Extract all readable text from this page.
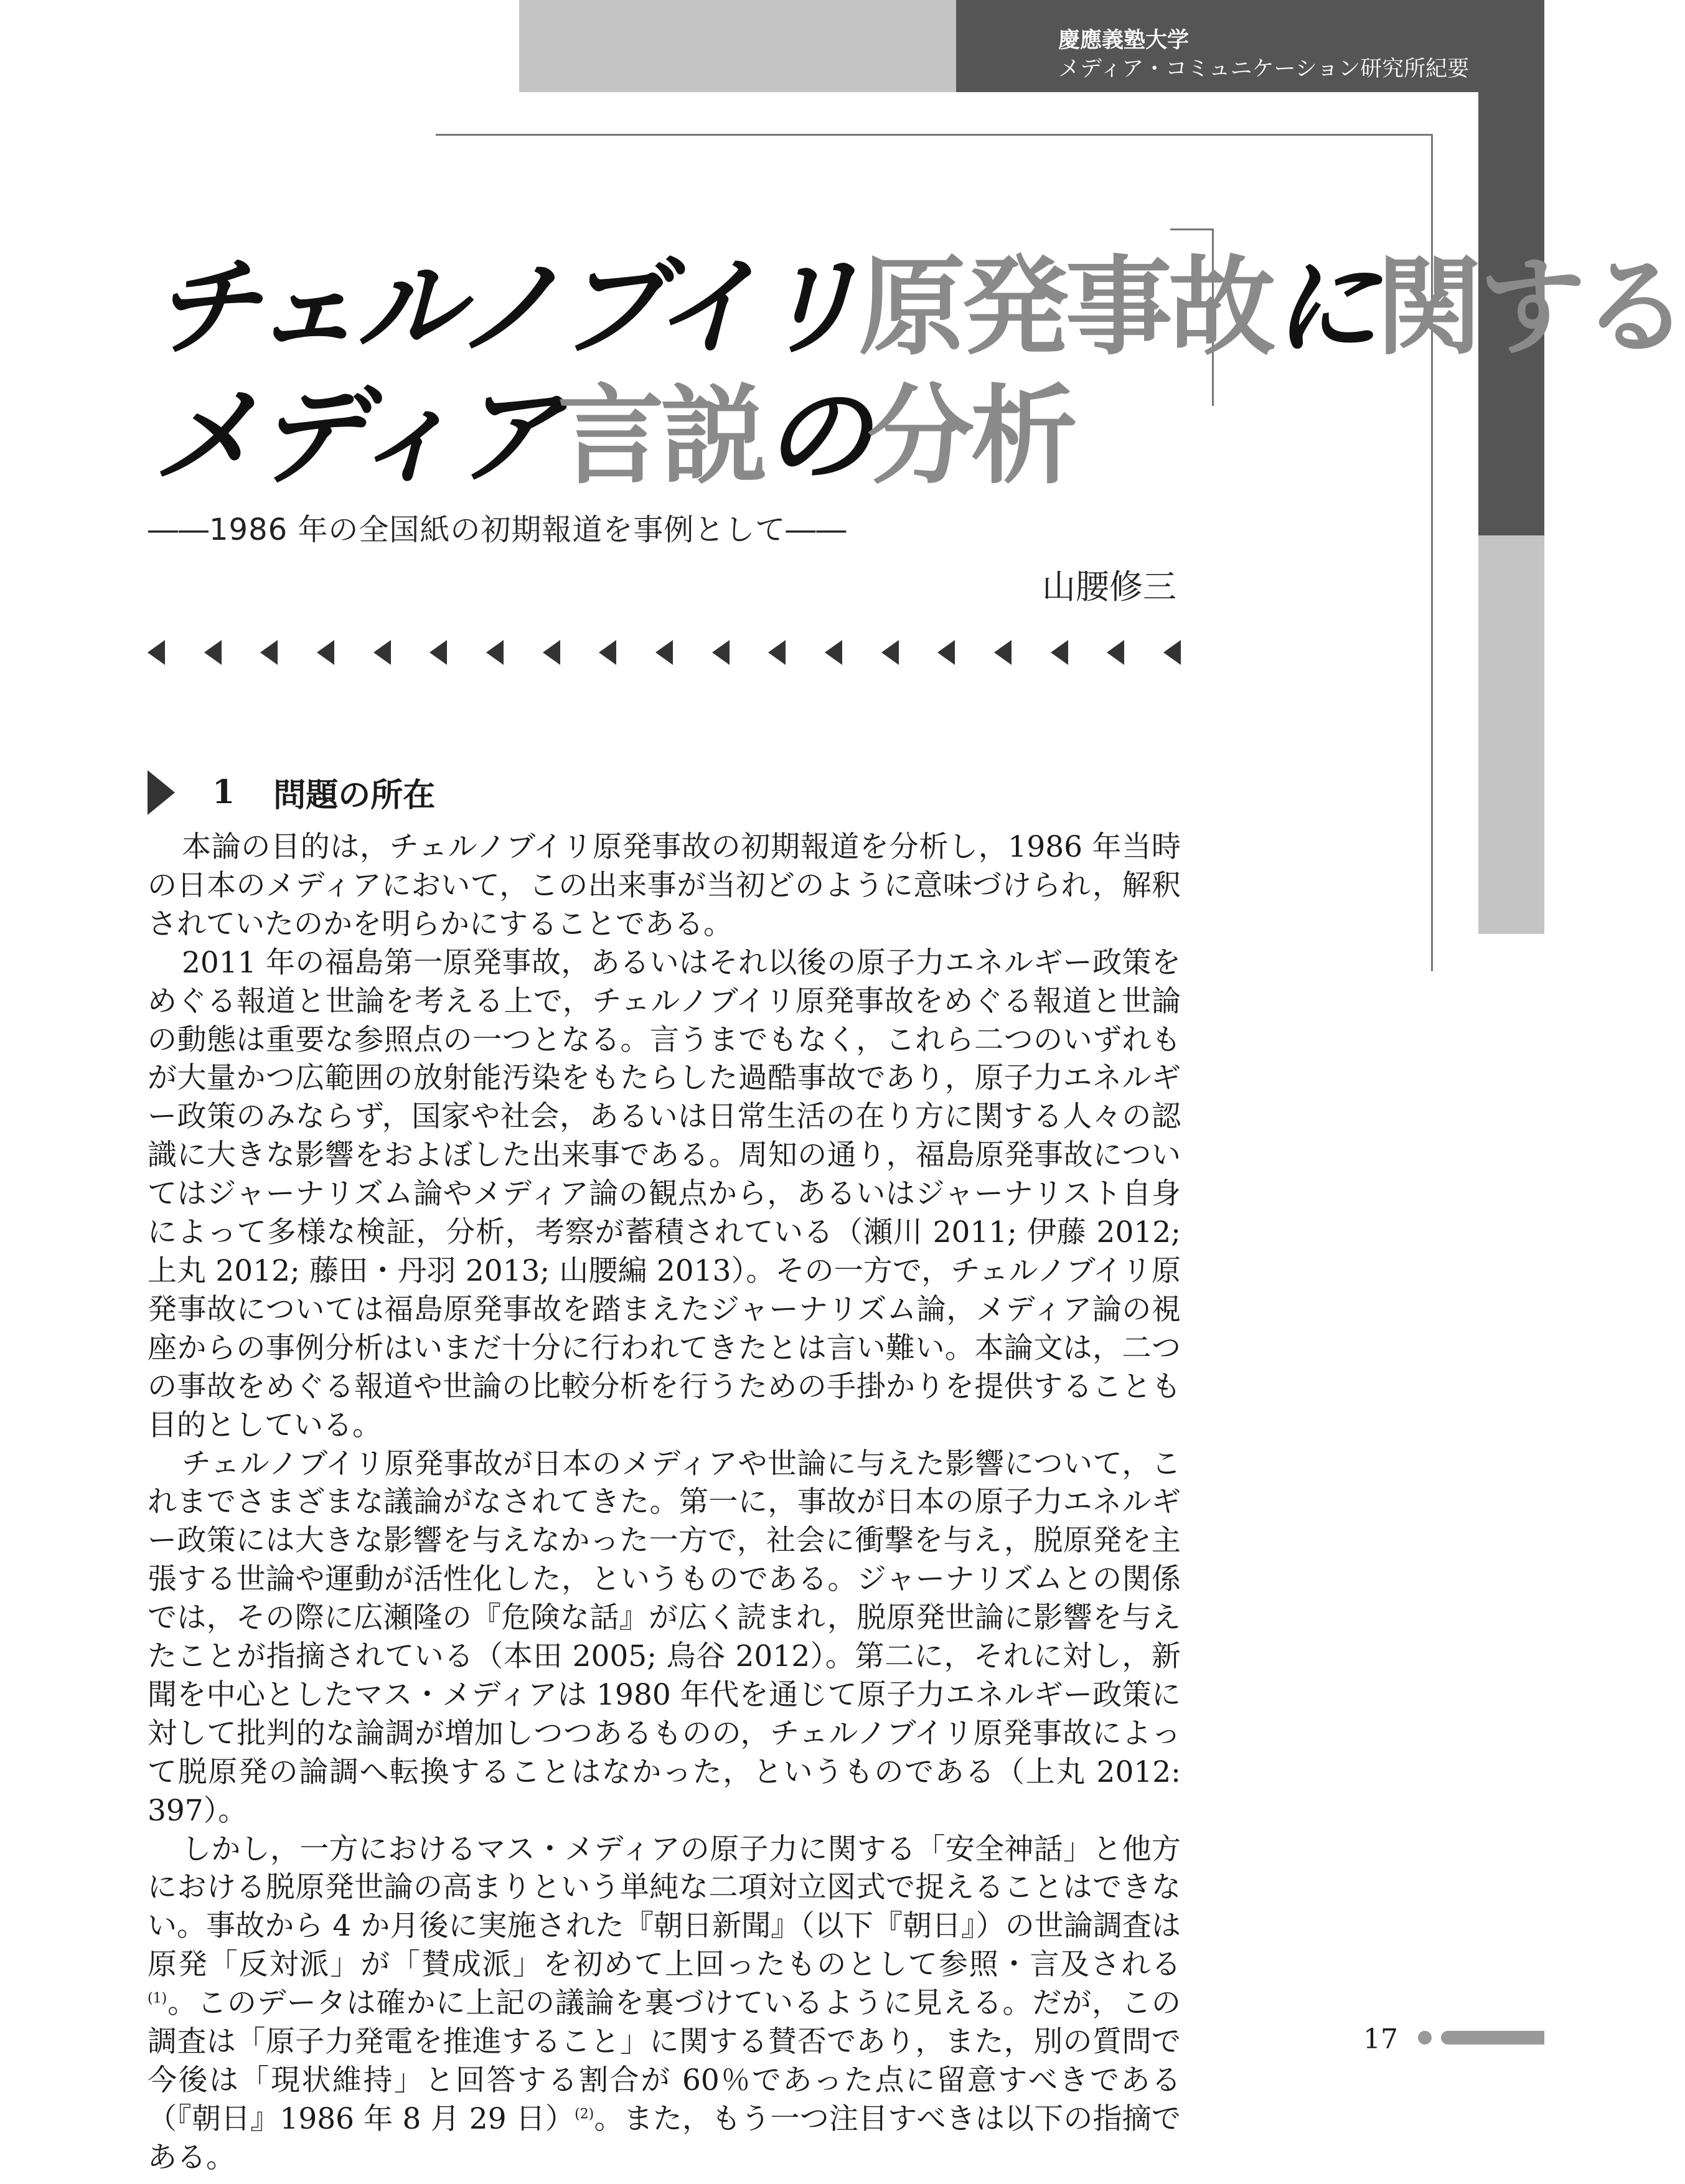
慶應義塾大学
メディア・コミュニケーション研究所紀要
チェルノブイリ原発事故に関する
メディア言説の分析
――1986 年の全国紙の初期報道を事例として――
山腰修三
1 問題の所在

本論の目的は，チェルノブイリ原発事故の初期報道を分析し，1986 年当時の日本のメディアにおいて，この出来事が当初どのように意味づけられ，解釈されていたのかを明らかにすることである。

2011 年の福島第一原発事故，あるいはそれ以後の原子力エネルギー政策をめぐる報道と世論を考える上で，チェルノブイリ原発事故をめぐる報道と世論の動態は重要な参照点の一つとなる。言うまでもなく，これら二つのいずれもが大量かつ広範囲の放射能汚染をもたらした過酷事故であり，原子力エネルギー政策のみならず，国家や社会，あるいは日常生活の在り方に関する人々の認識に大きな影響をおよぼした出来事である。周知の通り，福島原発事故についてはジャーナリズム論やメディア論の観点から，あるいはジャーナリスト自身によって多様な検証，分析，考察が蓄積されている（瀬川 2011; 伊藤 2012; 上丸 2012; 藤田・丹羽 2013; 山腰編 2013）。その一方で，チェルノブイリ原発事故については福島原発事故を踏まえたジャーナリズム論，メディア論の視座からの事例分析はいまだ十分に行われてきたとは言い難い。本論文は，二つの事故をめぐる報道や世論の比較分析を行うための手掛かりを提供することも目的としている。

チェルノブイリ原発事故が日本のメディアや世論に与えた影響について，これまでさまざまな議論がなされてきた。第一に，事故が日本の原子力エネルギー政策には大きな影響を与えなかった一方で，社会に衝撃を与え，脱原発を主張する世論や運動が活性化した，というものである。ジャーナリズムとの関係では，その際に広瀬隆の『危険な話』が広く読まれ，脱原発世論に影響を与えたことが指摘されている（本田 2005; 烏谷 2012）。第二に，それに対し，新聞を中心としたマス・メディアは 1980 年代を通じて原子力エネルギー政策に対して批判的な論調が増加しつつあるものの，チェルノブイリ原発事故によって脱原発の論調へ転換することはなかった，というものである（上丸 2012: 397）。

しかし，一方におけるマス・メディアの原子力に関する「安全神話」と他方における脱原発世論の高まりという単純な二項対立図式で捉えることはできない。事故から 4 か月後に実施された『朝日新聞』（以下『朝日』）の世論調査は原発「反対派」が「賛成派」を初めて上回ったものとして参照・言及される$^{(1)}$。このデータは確かに上記の議論を裏づけているように見える。だが，この調査は「原子力発電を推進すること」に関する賛否であり，また，別の質問で今後は「現状維持」と回答する割合が 60％であった点に留意すべきである（『朝日』1986 年 8 月 29 日）$^{(2)}$。また，もう一つ注目すべきは以下の指摘である。

17
